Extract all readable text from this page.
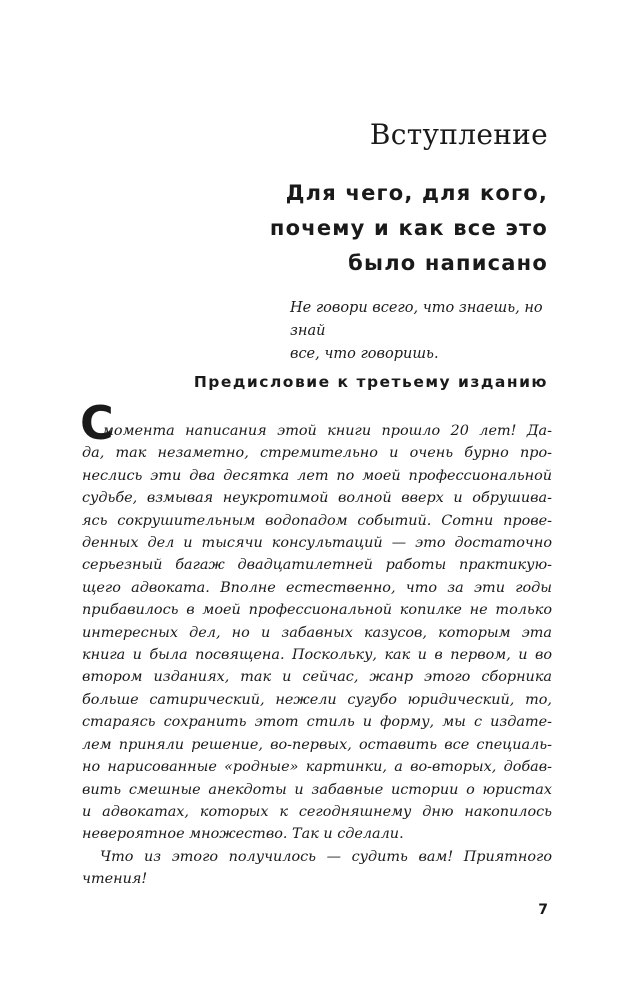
Вступление
Для чего, для кого,
почему и как все это
было написано
Не говори всего, что знаешь, но знай
все, что говоришь.
Предисловие к третьему изданию
С
момента написания этой книги прошло 20 лет! Да-
да, так незаметно, стремительно и очень бурно про-
неслись эти два десятка лет по моей профессиональной
судьбе, взмывая неукротимой волной вверх и обрушива-
ясь сокрушительным водопадом событий. Сотни прове-
денных дел и тысячи консультаций — это достаточно
серьезный багаж двадцатилетней работы практикую-
щего адвоката. Вполне естественно, что за эти годы
прибавилось в моей профессиональной копилке не только
интересных дел, но и забавных казусов, которым эта
книга и была посвящена. Поскольку, как и в первом, и во
втором изданиях, так и сейчас, жанр этого сборника
больше сатирический, нежели сугубо юридический, то,
стараясь сохранить этот стиль и форму, мы с издате-
лем приняли решение, во-первых, оставить все специаль-
но нарисованные «родные» картинки, а во-вторых, добав-
вить смешные анекдоты и забавные истории о юристах
и адвокатах, которых к сегодняшнему дню накопилось
невероятное множество. Так и сделали.
Что из этого получилось — судить вам! Приятного
чтения!
7
